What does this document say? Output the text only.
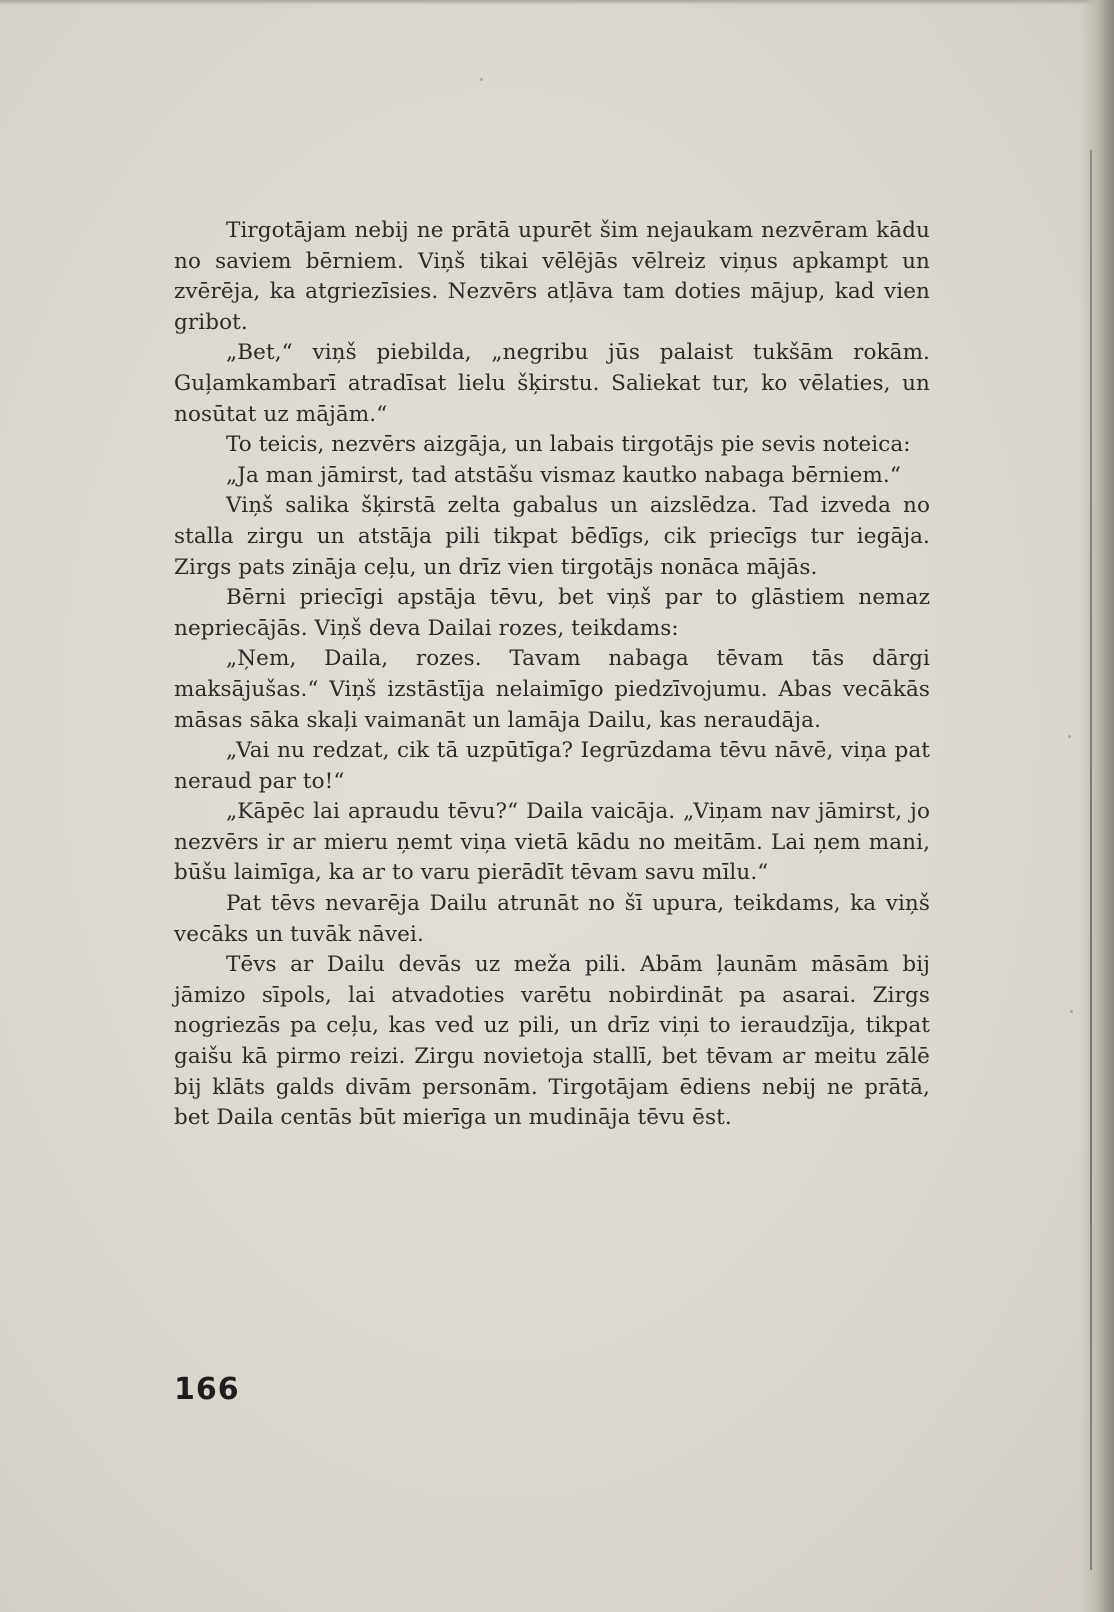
Tirgotājam nebij ne prātā upurēt šim nejaukam nezvēram kādu no saviem bērniem. Viņš tikai vēlējās vēlreiz viņus apkampt un zvērēja, ka atgriezīsies. Nezvērs atļāva tam doties mājup, kad vien gribot.

„Bet,“ viņš piebilda, „negribu jūs palaist tukšām rokām. Guļamkambarī atradīsat lielu šķirstu. Saliekat tur, ko vēlaties, un nosūtat uz mājām.“

To teicis, nezvērs aizgāja, un labais tirgotājs pie sevis noteica:

„Ja man jāmirst, tad atstāšu vismaz kautko nabaga bērniem.“

Viņš salika šķirstā zelta gabalus un aizslēdza. Tad izveda no stalla zirgu un atstāja pili tikpat bēdīgs, cik priecīgs tur iegāja. Zirgs pats zināja ceļu, un drīz vien tirgotājs nonāca mājās.

Bērni priecīgi apstāja tēvu, bet viņš par to glāstiem nemaz nepriecājās. Viņš deva Dailai rozes, teikdams:

„Ņem, Daila, rozes. Tavam nabaga tēvam tās dārgi maksājušas.“ Viņš izstāstīja nelaimīgo piedzīvojumu. Abas vecākās māsas sāka skaļi vaimanāt un lamāja Dailu, kas neraudāja.

„Vai nu redzat, cik tā uzpūtīga? Iegrūzdama tēvu nāvē, viņa pat neraud par to!“

„Kāpēc lai apraudu tēvu?“ Daila vaicāja. „Viņam nav jāmirst, jo nezvērs ir ar mieru ņemt viņa vietā kādu no meitām. Lai ņem mani, būšu laimīga, ka ar to varu pierādīt tēvam savu mīlu.“

Pat tēvs nevarēja Dailu atrunāt no šī upura, teikdams, ka viņš vecāks un tuvāk nāvei.

Tēvs ar Dailu devās uz meža pili. Abām ļaunām māsām bij jāmizo sīpols, lai atvadoties varētu nobirdināt pa asarai. Zirgs nogriezās pa ceļu, kas ved uz pili, un drīz viņi to ieraudzīja, tikpat gaišu kā pirmo reizi. Zirgu novietoja stallī, bet tēvam ar meitu zālē bij klāts galds divām personām. Tirgotājam ēdiens nebij ne prātā, bet Daila centās būt mierīga un mudināja tēvu ēst.

166
